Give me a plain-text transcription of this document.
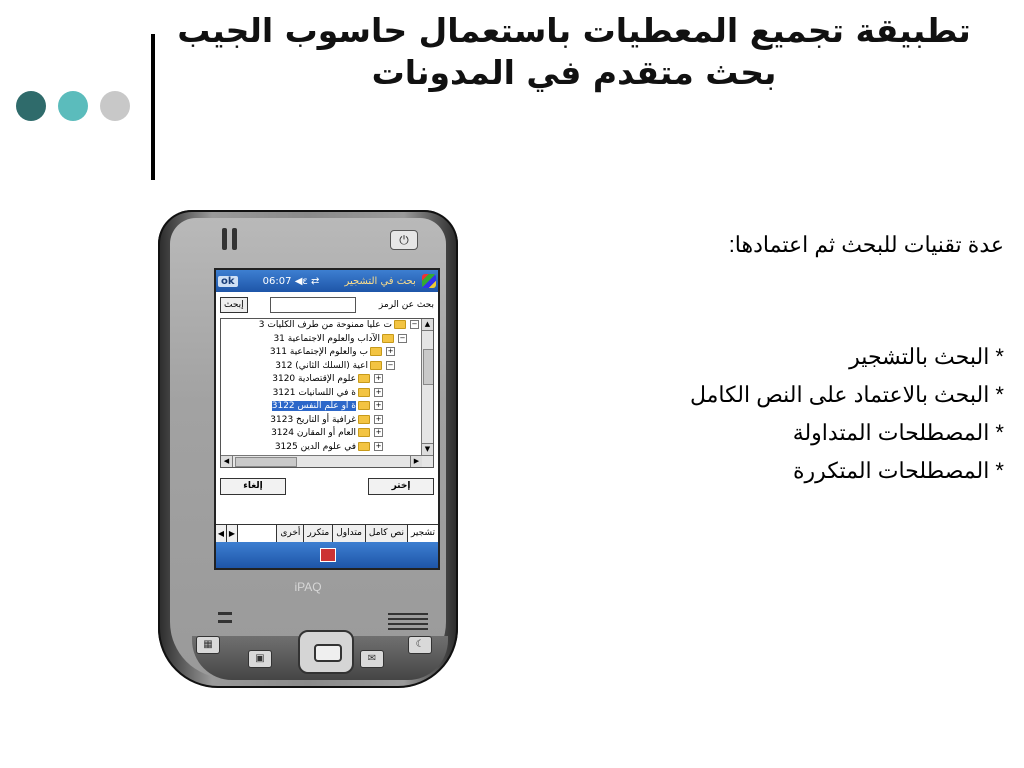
تطبيقة تجميع المعطيات باستعمال حاسوب الجيب
بحث متقدم في المدونات
عدة تقنيات للبحث ثم اعتمادها:
* البحث بالتشجير
* البحث بالاعتماد على النص الكامل
* المصطلحات المتداولة
* المصطلحات المتكررة
⏻
ok	06:07 ◀ε ⇄	بحث في التشجير
بحث عن الرمز
إبحث
−ت عليا ممنوحة من طرف الكليات 3
−الآداب والعلوم الاجتماعية 31
+ب والعلوم الإجتماعية 311
−اعية (السلك الثاني) 312
+علوم الإقتصادية 3120
+ة في اللسانيات 3121
+ة أو علم النفس 3122
+غرافية أو التاريخ 3123
+العام أو المقارن 3124
+في علوم الدين 3125
▲
▼
◀	▶
إلغاء	إختر
تشجير
نص كامل
متداول
متكرر
أخرى
▶
◀
iPAQ
▦
▣	✉
☾
